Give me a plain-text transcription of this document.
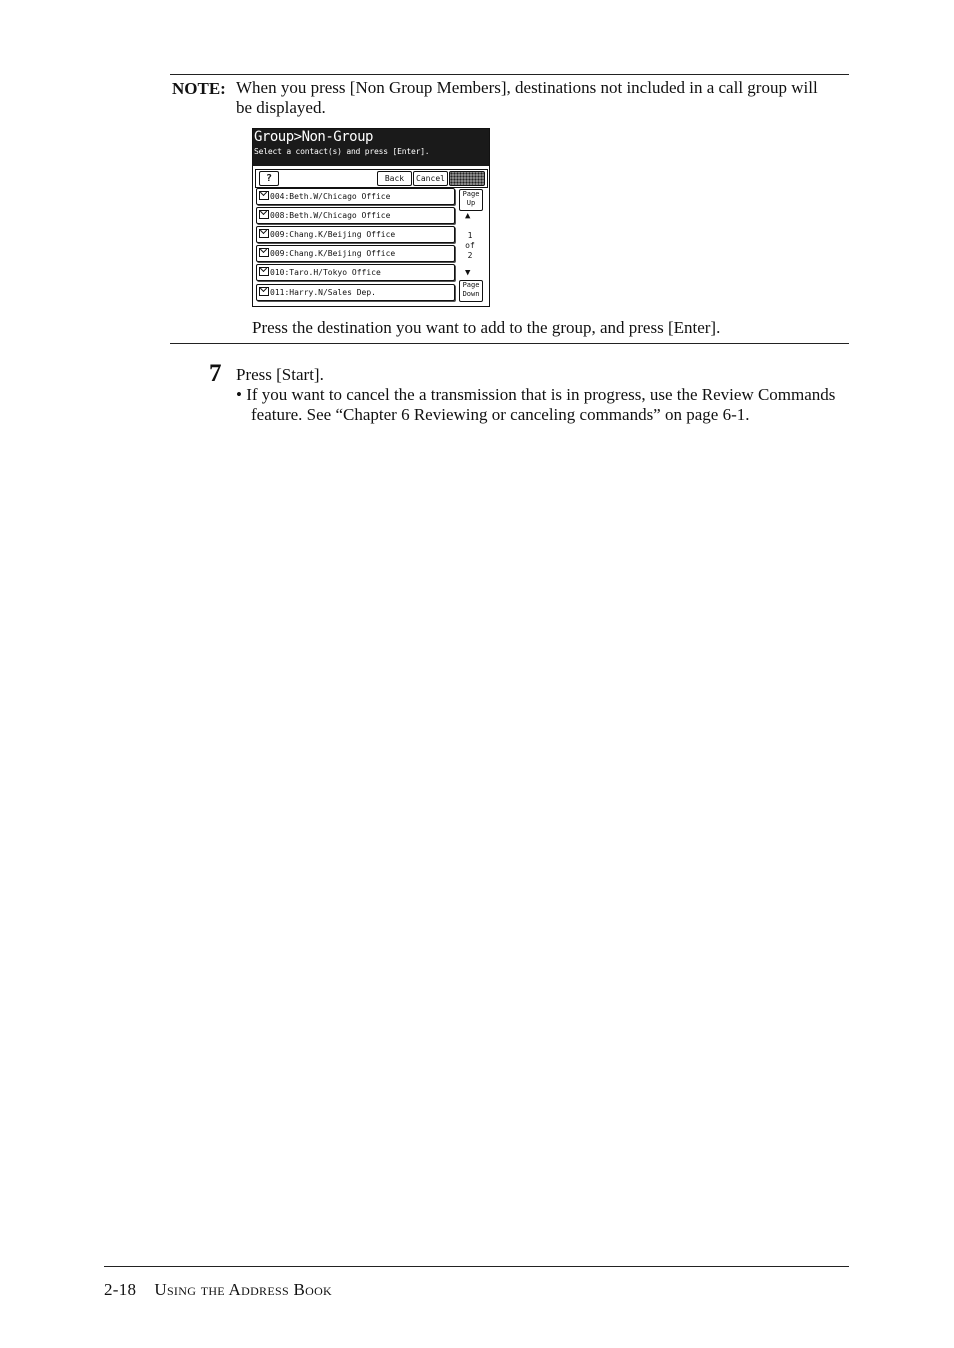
NOTE: When you press [Non Group Members], destinations not included in a call group will be displayed.
Group>Non-Group
Select a contact(s) and press [Enter].
?	Back	Cancel
004:Beth.W/Chicago Office
008:Beth.W/Chicago Office
009:Chang.K/Beijing Office
009:Chang.K/Beijing Office
010:Taro.H/Tokyo Office
011:Harry.N/Sales Dep.
Page
Up
▲
1
of
2
▼
Page
Down
Press the destination you want to add to the group, and press [Enter].
7 Press [Start].
• If you want to cancel the a transmission that is in progress, use the Review Commands feature. See “Chapter 6 Reviewing or canceling commands” on page 6-1.
2-18 Using the Address Book
